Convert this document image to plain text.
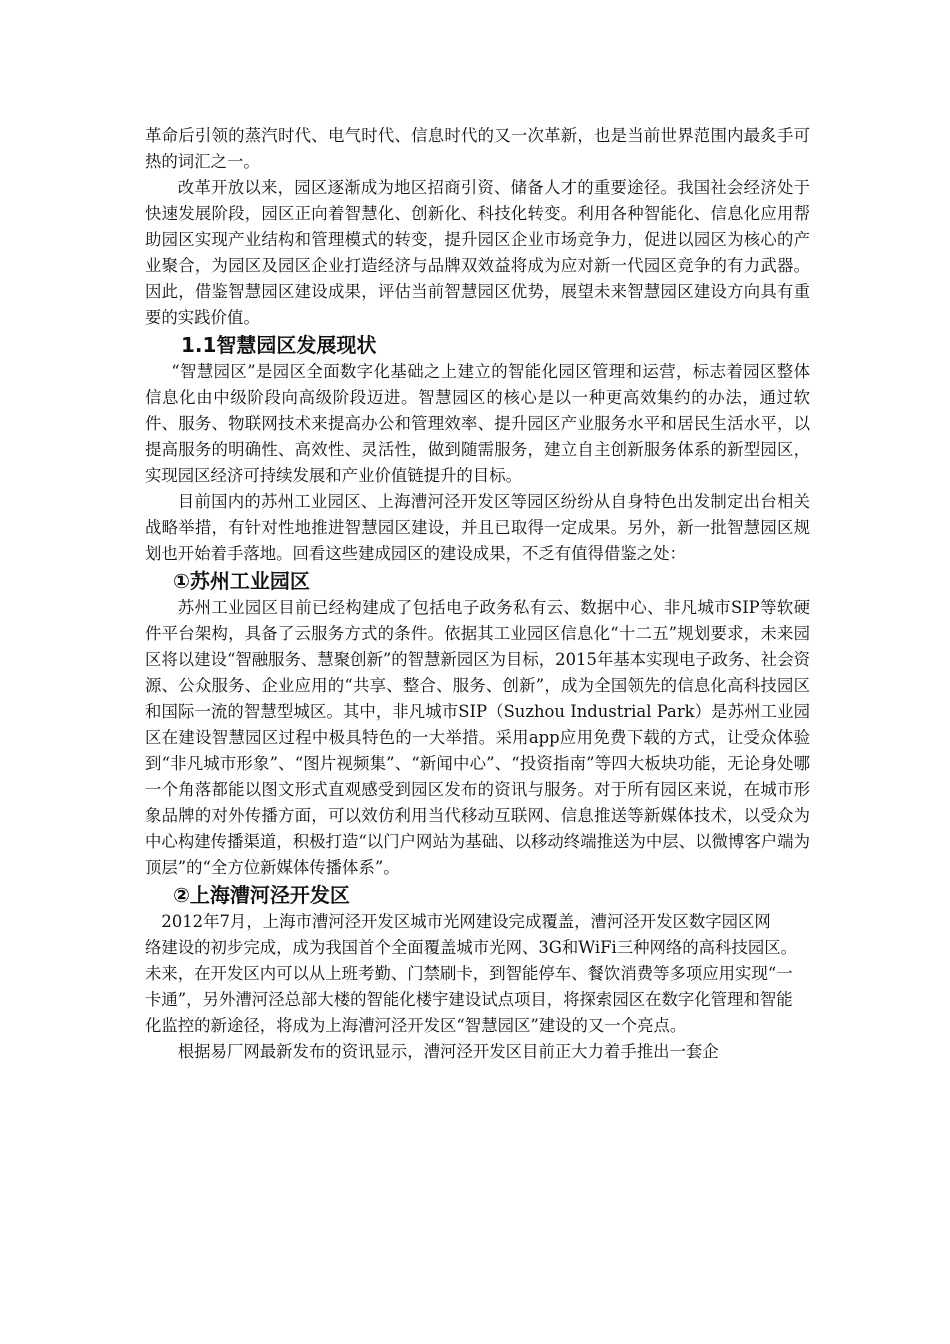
革命后引领的蒸汽时代、电气时代、信息时代的又一次革新，也是当前世界范围内最炙手可热的词汇之一。

改革开放以来，园区逐渐成为地区招商引资、储备人才的重要途径。我国社会经济处于快速发展阶段，园区正向着智慧化、创新化、科技化转变。利用各种智能化、信息化应用帮助园区实现产业结构和管理模式的转变，提升园区企业市场竞争力，促进以园区为核心的产业聚合，为园区及园区企业打造经济与品牌双效益将成为应对新一代园区竞争的有力武器。因此，借鉴智慧园区建设成果，评估当前智慧园区优势，展望未来智慧园区建设方向具有重要的实践价值。

1.1智慧园区发展现状

“智慧园区”是园区全面数字化基础之上建立的智能化园区管理和运营，标志着园区整体信息化由中级阶段向高级阶段迈进。智慧园区的核心是以一种更高效集约的办法，通过软件、服务、物联网技术来提高办公和管理效率、提升园区产业服务水平和居民生活水平，以提高服务的明确性、高效性、灵活性，做到随需服务，建立自主创新服务体系的新型园区，实现园区经济可持续发展和产业价值链提升的目标。

目前国内的苏州工业园区、上海漕河泾开发区等园区纷纷从自身特色出发制定出台相关战略举措，有针对性地推进智慧园区建设，并且已取得一定成果。另外，新一批智慧园区规划也开始着手落地。回看这些建成园区的建设成果，不乏有值得借鉴之处：

①苏州工业园区

苏州工业园区目前已经构建成了包括电子政务私有云、数据中心、非凡城市SIP等软硬件平台架构，具备了云服务方式的条件。依据其工业园区信息化“十二五”规划要求，未来园区将以建设“智融服务、慧聚创新”的智慧新园区为目标，2015年基本实现电子政务、社会资源、公众服务、企业应用的“共享、整合、服务、创新”，成为全国领先的信息化高科技园区和国际一流的智慧型城区。其中，非凡城市SIP（Suzhou Industrial Park）是苏州工业园区在建设智慧园区过程中极具特色的一大举措。采用app应用免费下载的方式，让受众体验到“非凡城市形象”、“图片视频集”、“新闻中心”、“投资指南”等四大板块功能，无论身处哪一个角落都能以图文形式直观感受到园区发布的资讯与服务。对于所有园区来说，在城市形象品牌的对外传播方面，可以效仿利用当代移动互联网、信息推送等新媒体技术，以受众为中心构建传播渠道，积极打造“以门户网站为基础、以移动终端推送为中层、以微博客户端为顶层”的“全方位新媒体传播体系”。

②上海漕河泾开发区

2012年7月，上海市漕河泾开发区城市光网建设完成覆盖，漕河泾开发区数字园区网

络建设的初步完成，成为我国首个全面覆盖城市光网、3G和WiFi三种网络的高科技园区。

未来，在开发区内可以从上班考勤、门禁刷卡，到智能停车、餐饮消费等多项应用实现“一

卡通”，另外漕河泾总部大楼的智能化楼宇建设试点项目，将探索园区在数字化管理和智能

化监控的新途径，将成为上海漕河泾开发区“智慧园区”建设的又一个亮点。

根据易厂网最新发布的资讯显示，漕河泾开发区目前正大力着手推出一套企
